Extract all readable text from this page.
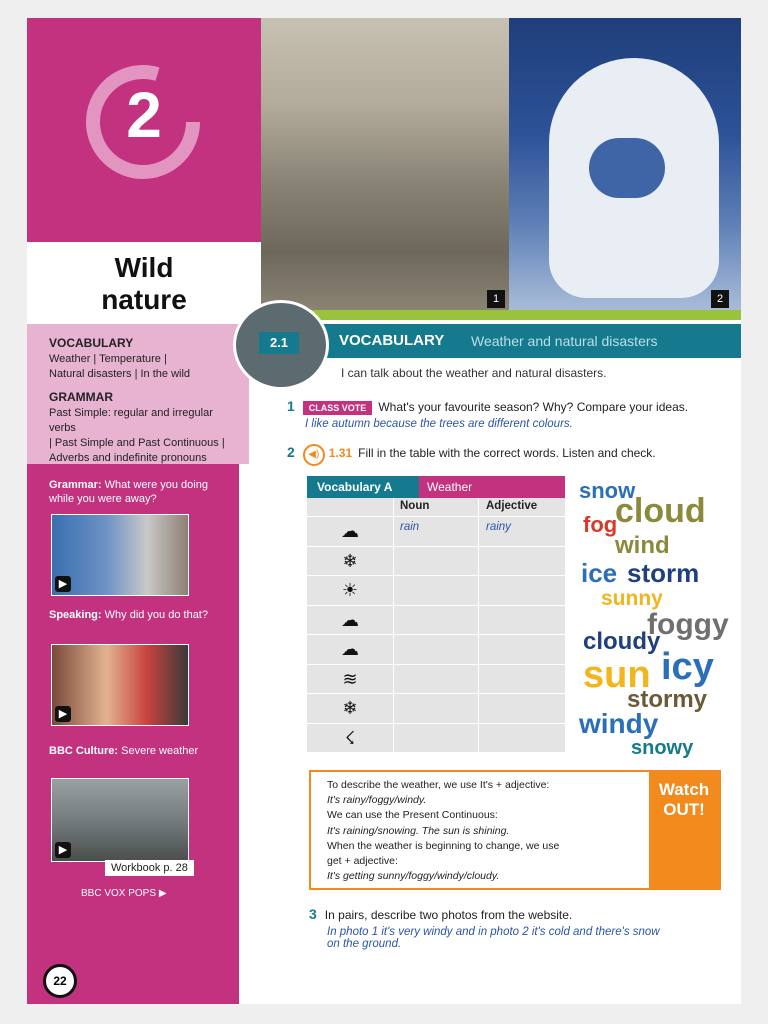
2
Wild
nature
VOCABULARY

Weather | Temperature |
Natural disasters | In the wild

GRAMMAR

Past Simple: regular and irregular verbs
| Past Simple and Past Continuous |
Adverbs and indefinite pronouns

Grammar: What were you doing while you were away?
▶
Speaking: Why did you do that?
▶
BBC Culture: Severe weather
▶
Workbook p. 28
BBC VOX POPS ▶
22
1	2
VOCABULARY Weather and natural disasters
2.1
I can talk about the weather and natural disasters.
1 CLASS VOTE What's your favourite season? Why? Compare your ideas.
I like autumn because the trees are different colours.
2 ◀) 1.31 Fill in the table with the correct words. Listen and check.
Vocabulary A	Weather
Noun	Adjective
☁	rain	rainy
❄
☀
☁
☁
≋
❄
☇
snow
fog
cloud
wind
ice storm
sunny
foggy
cloudy
sun icy
stormy
windy
snowy
To describe the weather, we use It's + adjective:
It's rainy/foggy/windy.
We can use the Present Continuous:
It's raining/snowing. The sun is shining.
When the weather is beginning to change, we use
get + adjective:
It's getting sunny/foggy/windy/cloudy.
Watch
OUT!
3 In pairs, describe two photos from the website.
In photo 1 it's very windy and in photo 2 it's cold and there's snow
on the ground.
